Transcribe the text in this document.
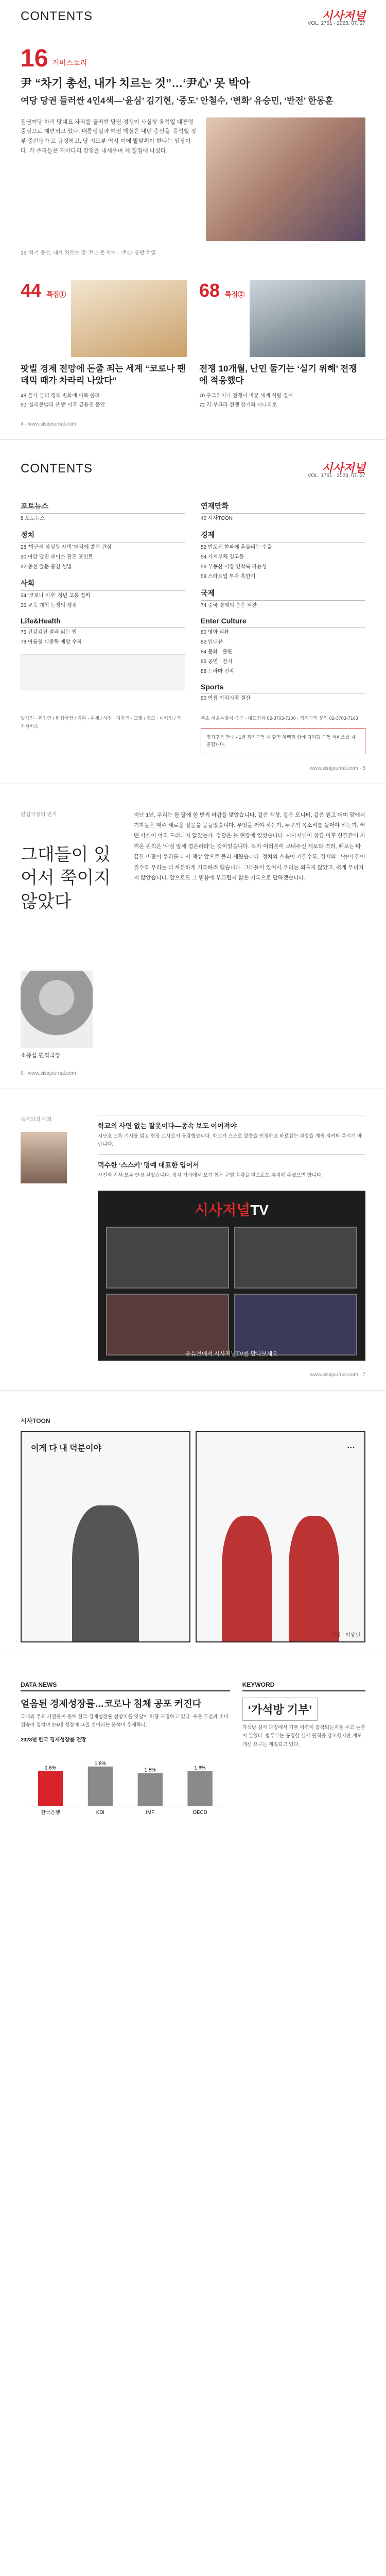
CONTENTS	시사저널
VOL. 1761 · 2023. 07. 27
16 커버스토리
尹 “차기 총선, 내가 치르는 것”…‘尹心’ 못 박아
여당 당권 들러싼 4인4색—‘윤심’ 김기현, ‘중도’ 안철수, ‘변화’ 유승민, ‘반전’ 한동훈
집권여당 차기 당대표 자리를 둘러싼 당권 경쟁이 사실상 윤석열 대통령 중심으로 재편되고 있다. 대통령실과 여권 핵심은 내년 총선을 ‘윤석열 정부 중간평가’로 규정하고, 당 지도부 역시 이에 발맞춰야 한다는 입장이다. 각 주자들은 저마다의 강점을 내세우며 세 결집에 나섰다.
16 ‘차기 총선, 내가 치르는 것’ 尹心 못 박아 · ‘尹心’ 공방 치열
44 특집①
팟빌 경제 전망에 돈줄 죄는 세계 “코로나 팬데믹 때가 차라리 나았다”
48 물가·금리 정책 변화에 이목 쏠려
50 ‘실리콘밸리 은행’ 이후 금융권 불안
68 특집②
전쟁 10개월, 난민 둘기는 ‘실기 위해’ 전쟁에 적응했다
70 우크라이나 전쟁이 바꾼 세계 식량 질서
72 러·우크라 전쟁 장기화 시나리오
4 · www.sisajournal.com
CONTENTS	시사저널
VOL. 1761 · 2023. 07. 27
포토뉴스
8 포토뉴스
정치
28 ‘박근혜 삼성동 자택’ 매각에 쏠린 관심
30 여당 당권 레이스 관전 포인트
32 총선 앞둔 공천 셈법
사회
34 ‘코로나 이후’ 청년 고용 절벽
36 교육 개혁 논쟁의 쟁점
Life&Health
76 건강검진 결과 읽는 법
78 여름철 식중독 예방 수칙
연재만화
40 시사TOON
경제
52 반도체 한파에 흔들리는 수출
54 가계부채 경고등
56 부동산 시장 연착륙 가능성
58 스타트업 투자 혹한기
국제
74 중국 경제의 숨은 뇌관
Enter Culture
80 영화 리뷰
82 인터뷰
84 문화 · 출판
86 공연 · 전시
88 드라마 신작
Sports
90 여름 이적시장 결산
발행인 · 편집인 / 편집국장 / 기획 · 취재 / 사진 · 디자인 · 교열 / 광고 · 마케팅 / 독자서비스
주소 서울특별시 중구 · 대표전화 02-3703-7100 · 정기구독 문의 02-3703-7163
정기구독 안내 · 1년 정기구독 시 할인 혜택과 함께 디지털 구독 서비스를 제공합니다.
www.sisajournal.com · 5
편집국장의 편지
그대들이 있어서 쭉이지 않았다
소종섭 편집국장
지난 1년, 우리는 한 달에 한 번씩 마감을 맞았습니다. 같은 책상, 같은 모니터, 같은 원고 더미 앞에서 기자들은 매주 새로운 질문을 붙들었습니다. 무엇을 써야 하는가, 누구의 목소리를 들어야 하는가, 어떤 사실이 아직 드러나지 않았는가. 정답은 늘 현장에 있었습니다. 시사저널이 창간 이후 한결같이 지켜온 원칙은 ‘사실 앞에 겸손하라’는 것이었습니다. 독자 여러분이 보내주신 제보와 격려, 때로는 따끔한 비판이 우리를 다시 책상 앞으로 불러 세웠습니다. 정치의 소음이 커질수록, 경제의 그늘이 짙어질수록 우리는 더 차분하게 기록하려 했습니다. 그대들이 있어서 우리는 외롭지 않았고, 쉽게 무너지지 않았습니다. 앞으로도 그 믿음에 부끄럽지 않은 기록으로 답하겠습니다.
6 · www.sisajournal.com
독자와의 대화
학교의 사면 없는 잘못이다—종속 보도 이어져야

지난호 교육 기사를 읽고 현장 교사로서 공감했습니다. 학교가 스스로 잘못을 인정하고 바로잡는 과정을 계속 지켜봐 주시기 바랍니다.

덕수한 ‘스스키’ 명예 대표한 입어서

사진과 기사 모두 인상 깊었습니다. 정치 기사에서 보기 힘든 균형 감각을 앞으로도 유지해 주셨으면 합니다.

시사저널TV
유튜브에서 시사저널TV를 만나보세요
www.sisajournal.com · 7
시사TOON
이게 다 내 덕분이야	…
그림 · 이상민
DATA NEWS
얼음된 경제성장률…코로나 침체 공포 커진다
국내외 주요 기관들이 올해 한국 경제성장률 전망치를 잇달아 하향 조정하고 있다. 수출 부진과 소비 위축이 겹치며 1%대 성장에 그칠 것이라는 분석이 우세하다.
2023년 한국 경제성장률 전망
1.6%
한국은행
1.8%
KDI
1.5%
IMF
1.6%
OECD
KEYWORD
‘가석방 기부’
가석방 심사 과정에서 기부 이력이 참작되는지를 두고 논란이 일었다. 법무부는 공정한 심사 원칙을 강조했지만 제도 개선 요구는 계속되고 있다.
